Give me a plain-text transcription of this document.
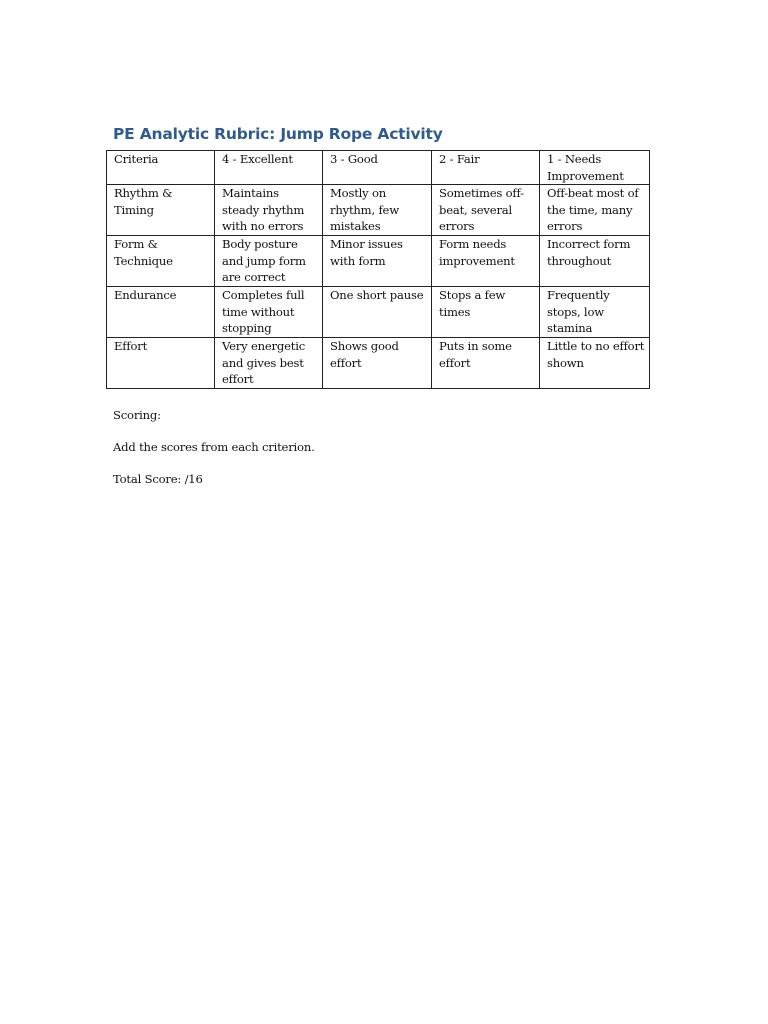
PE Analytic Rubric: Jump Rope Activity
Criteria	4 - Excellent	3 - Good	2 - Fair	1 - Needs Improvement
Rhythm & Timing	Maintains steady rhythm with no errors	Mostly on rhythm, few mistakes	Sometimes off-beat, several errors	Off-beat most of the time, many errors
Form & Technique	Body posture and jump form are correct	Minor issues with form	Form needs improvement	Incorrect form throughout
Endurance	Completes full time without stopping	One short pause	Stops a few times	Frequently stops, low stamina
Effort	Very energetic and gives best effort	Shows good effort	Puts in some effort	Little to no effort shown

Scoring:

Add the scores from each criterion.

Total Score: /16
